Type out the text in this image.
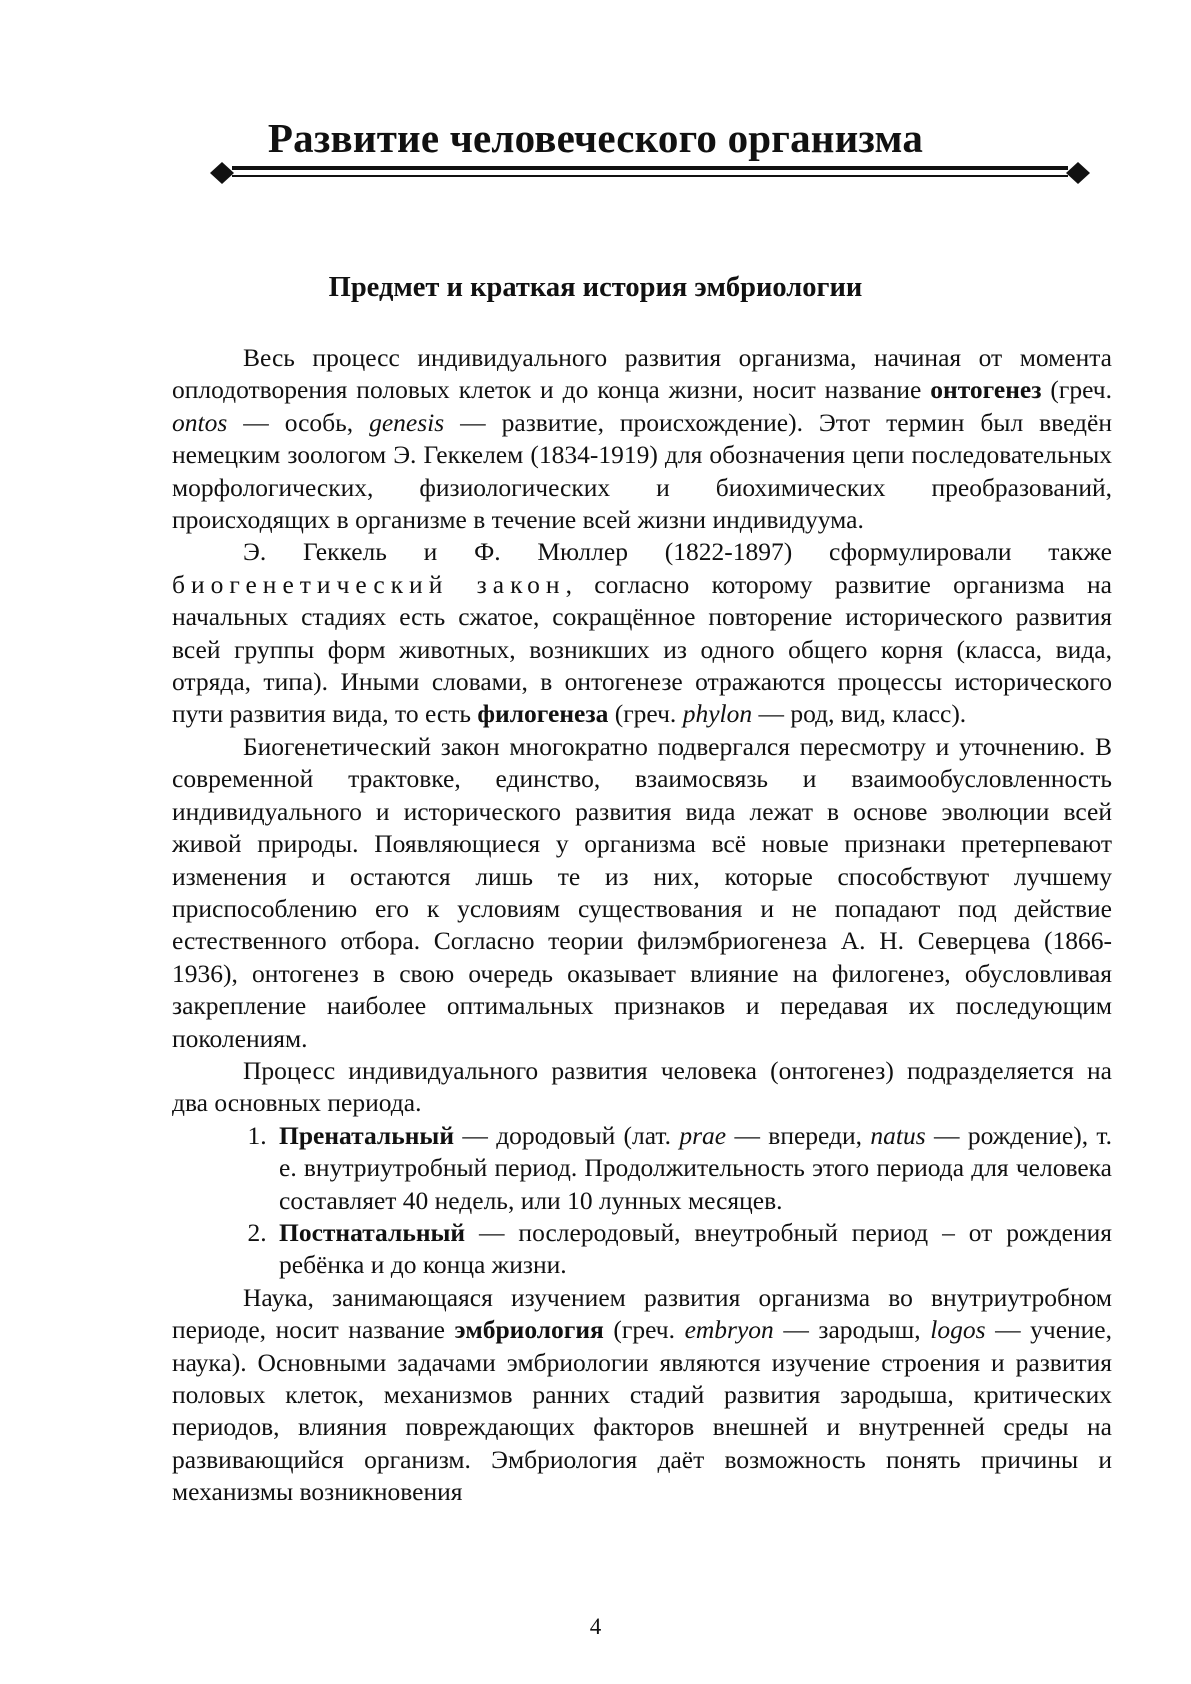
Развитие человеческого организма
Предмет и краткая история эмбриологии

Весь процесс индивидуального развития организма, начиная от момента оплодотворения половых клеток и до конца жизни, носит название онтогенез (греч. ontos — особь, genesis — развитие, происхождение). Этот термин был введён немецким зоологом Э. Геккелем (1834-1919) для обозначения цепи последовательных морфологических, физиологических и биохимических преобразований, происходящих в организме в течение всей жизни индивидуума.

Э. Геккель и Ф. Мюллер (1822-1897) сформулировали также биогенетический закон, согласно которому развитие организма на начальных стадиях есть сжатое, сокращённое повторение исторического развития всей группы форм животных, возникших из одного общего корня (класса, вида, отряда, типа). Иными словами, в онтогенезе отражаются процессы исторического пути развития вида, то есть филогенеза (греч. phylon — род, вид, класс).

Биогенетический закон многократно подвергался пересмотру и уточнению. В современной трактовке, единство, взаимосвязь и взаимообусловленность индивидуального и исторического развития вида лежат в основе эволюции всей живой природы. Появляющиеся у организма всё новые признаки претерпевают изменения и остаются лишь те из них, которые способствуют лучшему приспособлению его к условиям существования и не попадают под действие естественного отбора. Согласно теории филэмбриогенеза А. Н. Северцева (1866-1936), онтогенез в свою очередь оказывает влияние на филогенез, обусловливая закрепление наиболее оптимальных признаков и передавая их последующим поколениям.

Процесс индивидуального развития человека (онтогенез) подразделяется на два основных периода.

1. Пренатальный — дородовый (лат. prae — впереди, natus — рождение), т. е. внутриутробный период. Продолжительность этого периода для человека составляет 40 недель, или 10 лунных месяцев.
2. Постнатальный — послеродовый, внеутробный период – от рождения ребёнка и до конца жизни.

Наука, занимающаяся изучением развития организма во внутриутробном периоде, носит название эмбриология (греч. embryon — зародыш, logos — учение, наука). Основными задачами эмбриологии являются изучение строения и развития половых клеток, механизмов ранних стадий развития зародыша, критических периодов, влияния повреждающих факторов внешней и внутренней среды на развивающийся организм. Эмбриология даёт возможность понять причины и механизмы возникновения

4
